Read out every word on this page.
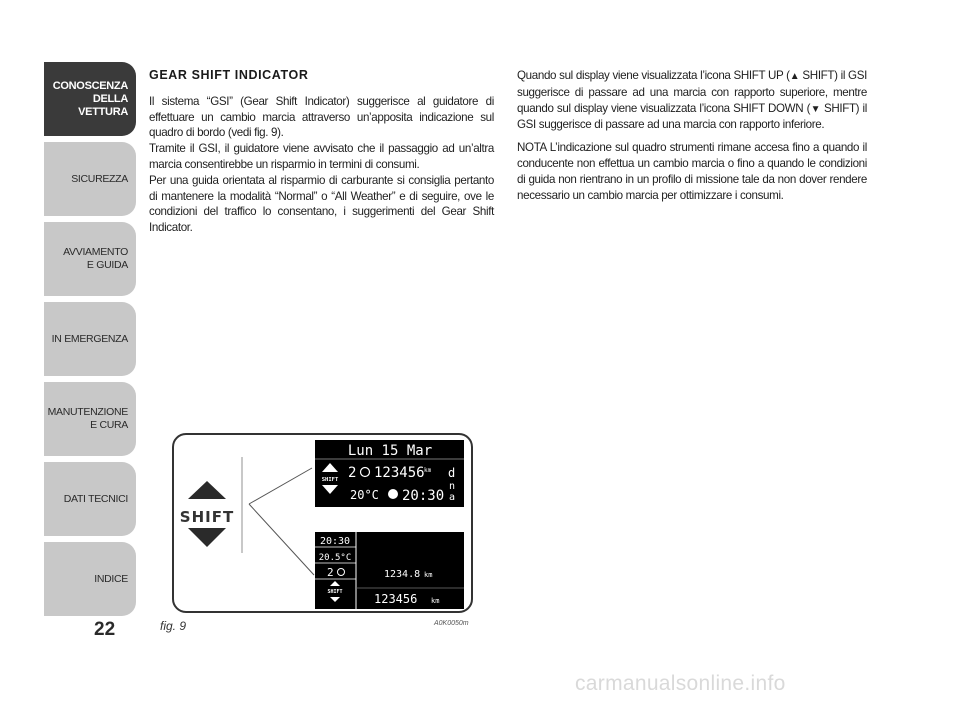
CONOSCENZA
DELLA
VETTURA
SICUREZZA
AVVIAMENTO
E GUIDA
IN EMERGENZA
MANUTENZIONE
E CURA
DATI TECNICI
INDICE
22
GEAR SHIFT INDICATOR

Il sistema “GSI” (Gear Shift Indicator) suggerisce al guidatore di effettuare un cambio marcia attraverso un’apposita indicazione sul quadro di bordo (vedi fig. 9).

Tramite il GSI, il guidatore viene avvisato che il passaggio ad un’altra marcia consentirebbe un risparmio in termini di consumi.

Per una guida orientata al risparmio di carburante si consiglia pertanto di mantenere la modalità “Normal” o “All Weather” e di seguire, ove le condizioni del traffico lo consentano, i suggerimenti del Gear Shift Indicator.

Quando sul display viene visualizzata l’icona SHIFT UP (▲ SHIFT) il GSI suggerisce di passare ad una marcia con rapporto superiore, mentre quando sul display viene visualizzata l’icona SHIFT DOWN (▼ SHIFT) il GSI suggerisce di passare ad una marcia con rapporto inferiore.

NOTA L’indicazione sul quadro strumenti rimane accesa fino a quando il conducente non effettua un cambio marcia o fino a quando le condizioni di guida non rientrano in un profilo di missione tale da non dover rendere necessario un cambio marcia per ottimizzare i consumi.

SHIFT
Lun 15 Mar
SHIFT 2 123456 km d
n
a
20°C 20:30
20:30
20.5°C
2
SHIFT
1234.8 km
123456 km
fig. 9	A0K0050m
carmanualsonline.info
